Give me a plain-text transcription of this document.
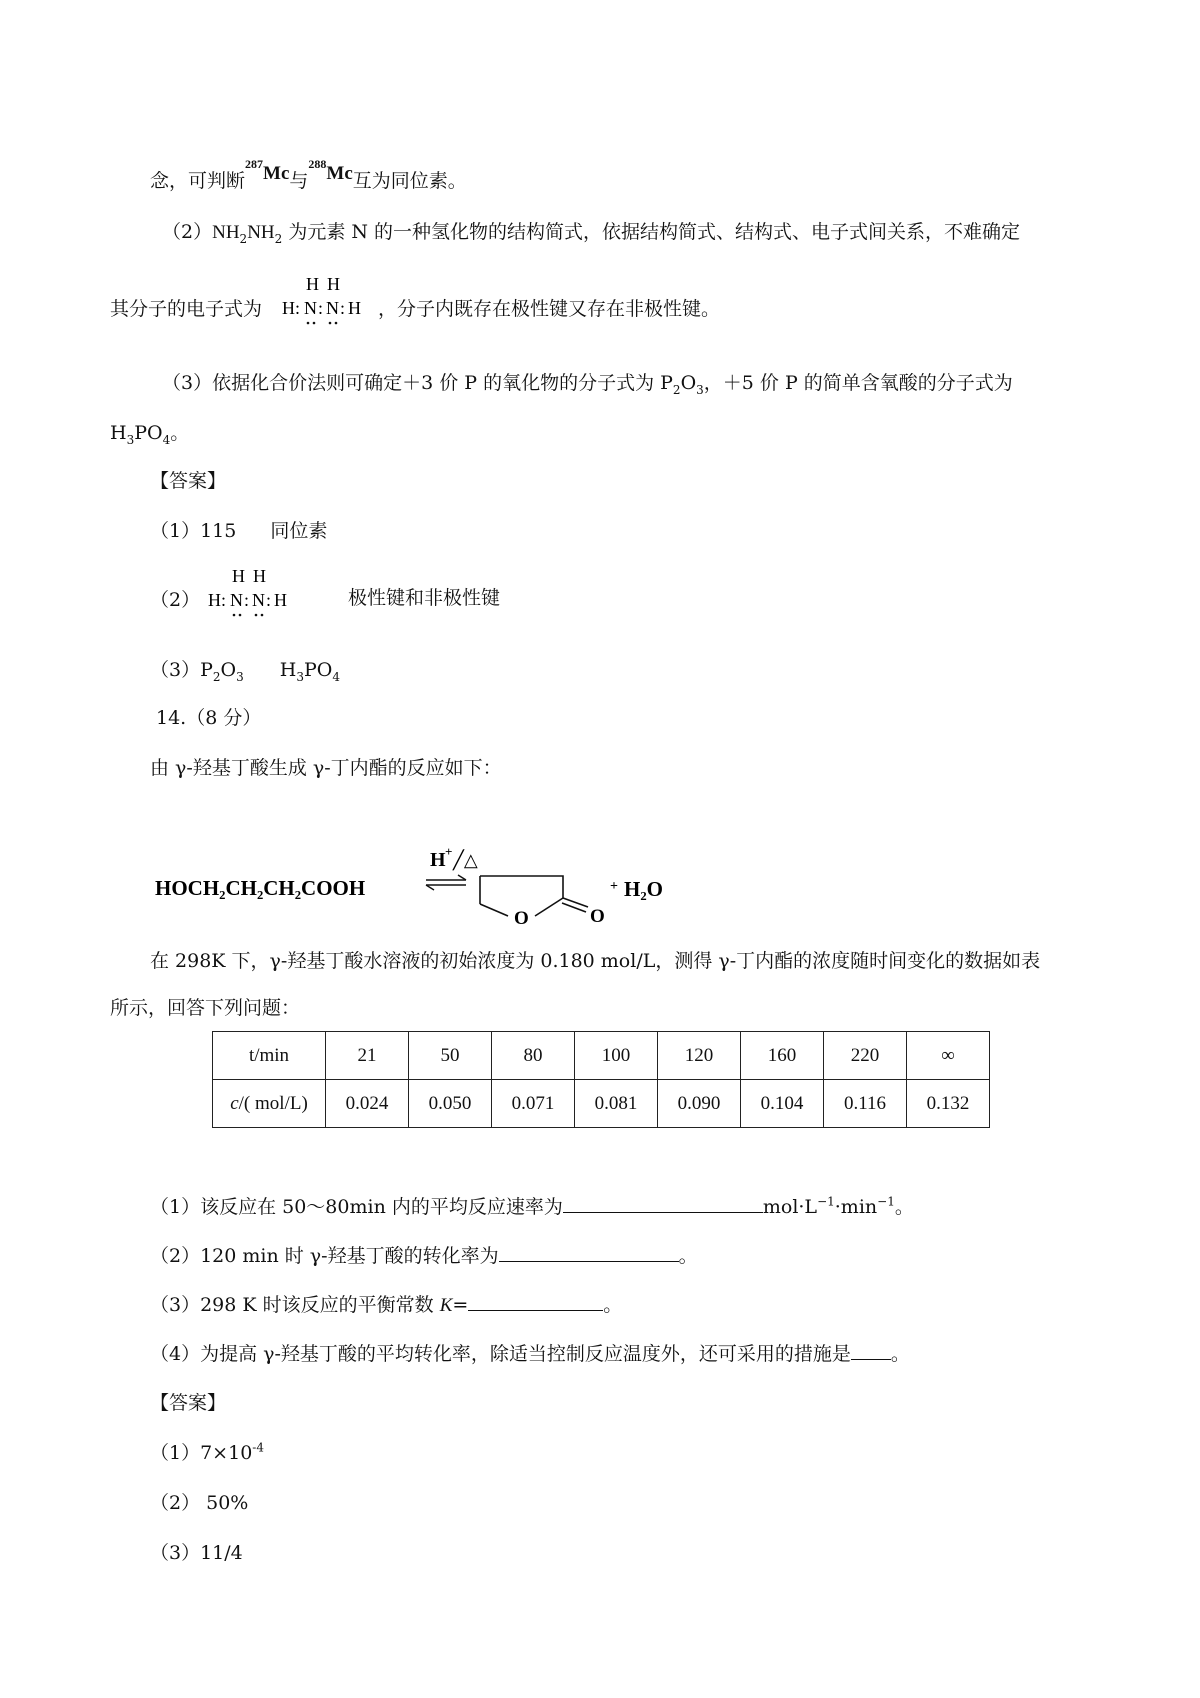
念，可判断$^{287}$Mc与$^{288}$Mc互为同位素。
$(2)NH_2NH_2$ 为元素 N 的一种氢化物的结构简式，依据结构简式、结构式、电子式间关系，不难确定
其分子的电子式为
H H
H : N : N : H ，分子内既存在极性键又存在非极性键。
（3）依据化合价法则可确定＋3 价 P 的氧化物的分子式为 $P_2O_3$，＋5 价 P 的简单含氧酸的分子式为
$H_3PO_4$。
【答案】
（1）115 同位素
（2）
H H
H : N : N : H	极性键和非极性键
$(3)P_2O_3$ $H_3PO_4$
14.（8 分）
由 γ-羟基丁酸生成 γ-丁内酯的反应如下：
HOCH₂CH₂CH₂COOH
H + ╱△
O	O
+ H₂O
在 298K 下，γ-羟基丁酸水溶液的初始浓度为 0.180 mol/L，测得 γ-丁内酯的浓度随时间变化的数据如表
所示，回答下列问题：
t/min	21	50	80	100	120	160	220	∞
c/( mol/L)	0.024	0.050	0.071	0.081	0.090	0.104	0.116	0.132
（1）该反应在 50～80min 内的平均反应速率为	$mol\cdot L^{-1}\cdot\min^{-1}$。
（2）120 min 时 γ-羟基丁酸的转化率为	。
（3）298 K 时该反应的平衡常数 K=	。
（4）为提高 γ-羟基丁酸的平均转化率，除适当控制反应温度外，还可采用的措施是 。
【答案】
$(1)7\times 10^{-4}$
（2） 50%
（3）11/4
